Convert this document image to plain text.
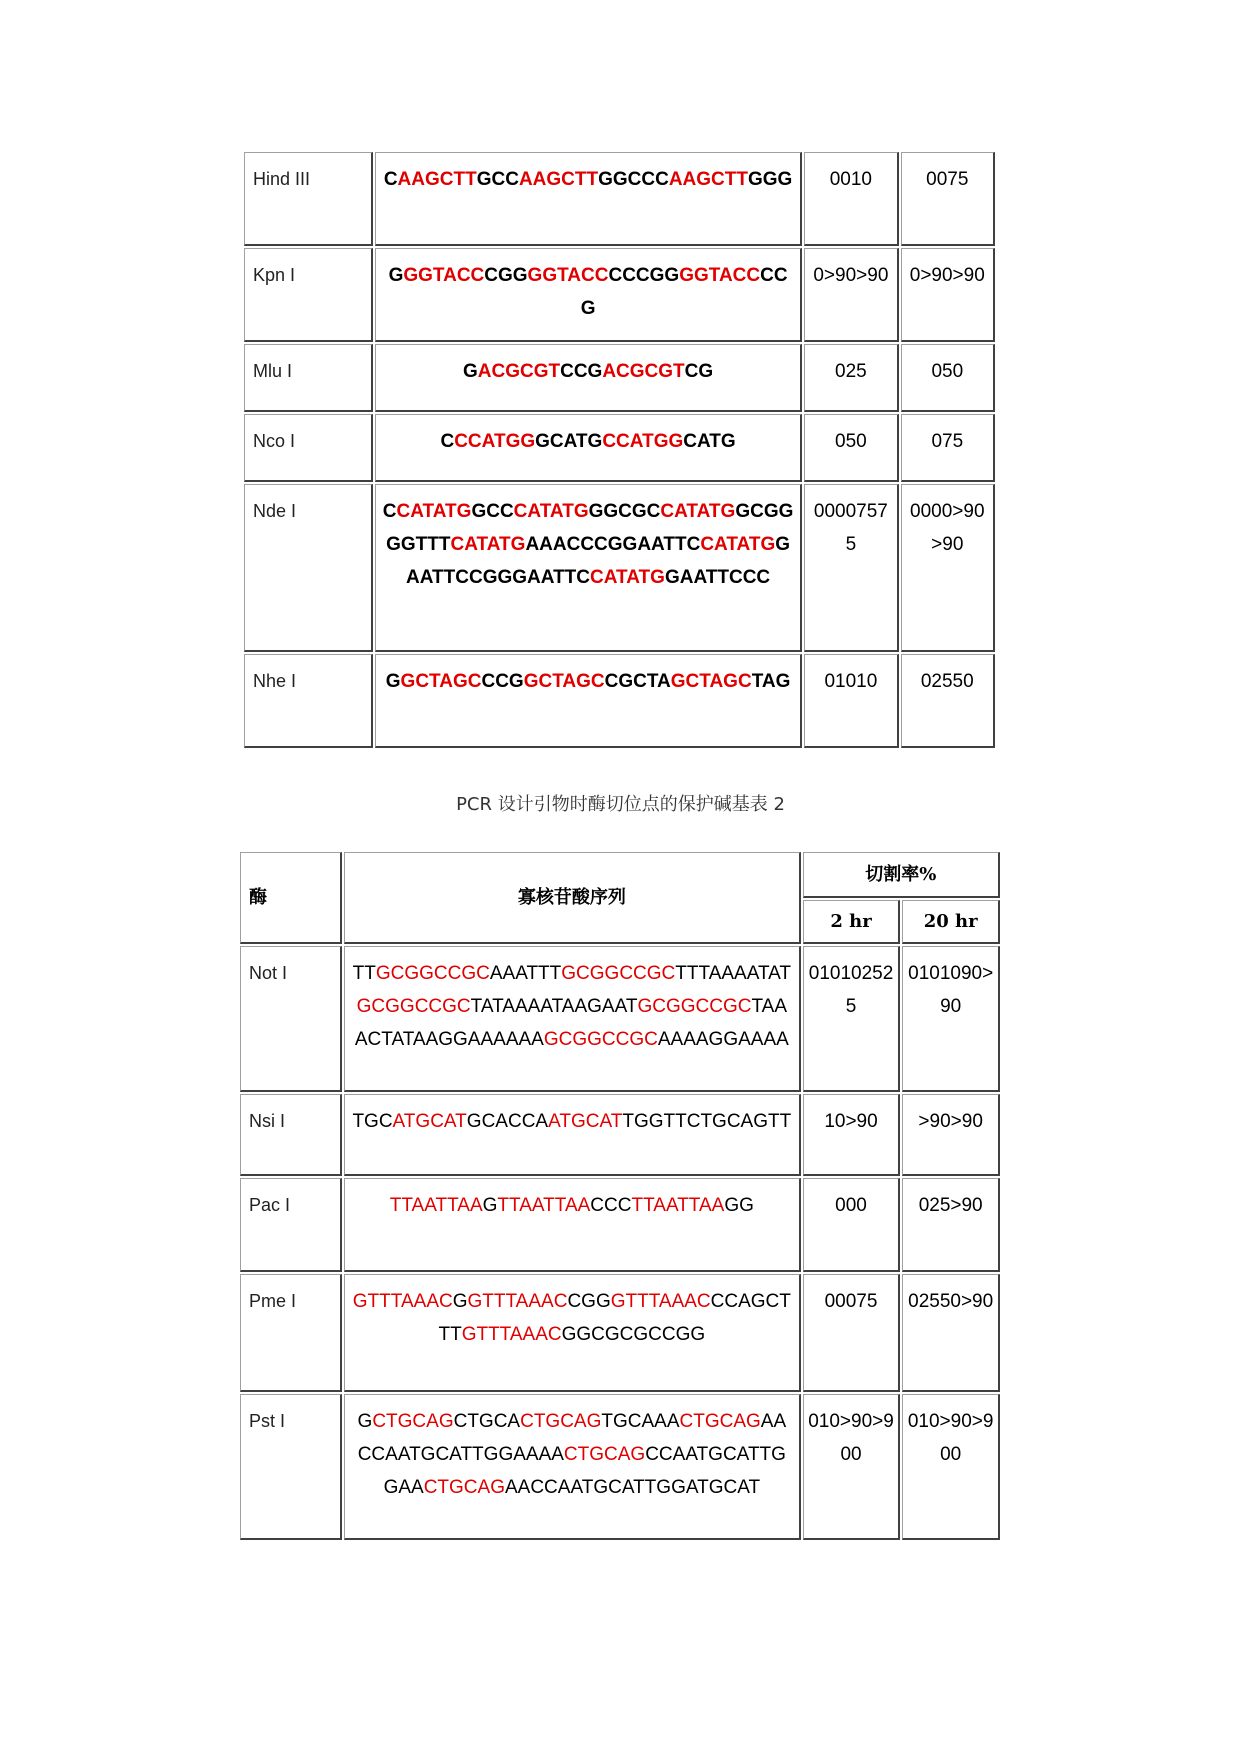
Hind III	CAAGCTTGCCAAGCTTGGCCCAAGCTTGGG	0010	0075
Kpn I	GGGTACCCGGGGTACCCCCGGGGTACCCCG	0>90>90	0>90>90
Mlu I	GACGCGTCCGACGCGTCG	025	050
Nco I	CCCATGGGCATGCCATGGCATG	050	075
Nde I	CCATATGGCCCATATGGGCGCCATATGGCGGGGTTTCATATGAAACCCGGAATTCCATATGGAATTCCGGGAATTCCATATGGAATTCCC	00007575	0000>90>90
Nhe I	GGCTAGCCCGGCTAGCCGCTAGCTAGCTAG	01010	02550
PCR 设计引物时酶切位点的保护碱基表 2
酶	寡核苷酸序列	切割率%	
		2 hr	20 hr
Not I	TTGCGGCCGCAAATTTGCGGCCGCTTTAAAATATGCGGCCGCTATAAAATAAGAATGCGGCCGCTAAACTATAAGGAAAAAAGCGGCCGCAAAAGGAAAA	010102525	0101090>90
Nsi I	TGCATGCATGCACCAATGCATTGGTTCTGCAGTT	10>90	>90>90
Pac I	TTAATTAAGTTAATTAACCCTTAATTAAGG	000	025>90
Pme I	GTTTAAACGGTTTAAACCGGGTTTAAACCCAGCTTTGTTTAAACGGCGCGCCGG	00075	02550>90
Pst I	GCTGCAGCTGCACTGCAGTGCAAACTGCAGAACCAATGCATTGGAAAACTGCAGCCAATGCATTGGAACTGCAGAACCAATGCATTGGATGCAT	010>90>900	010>90>900
